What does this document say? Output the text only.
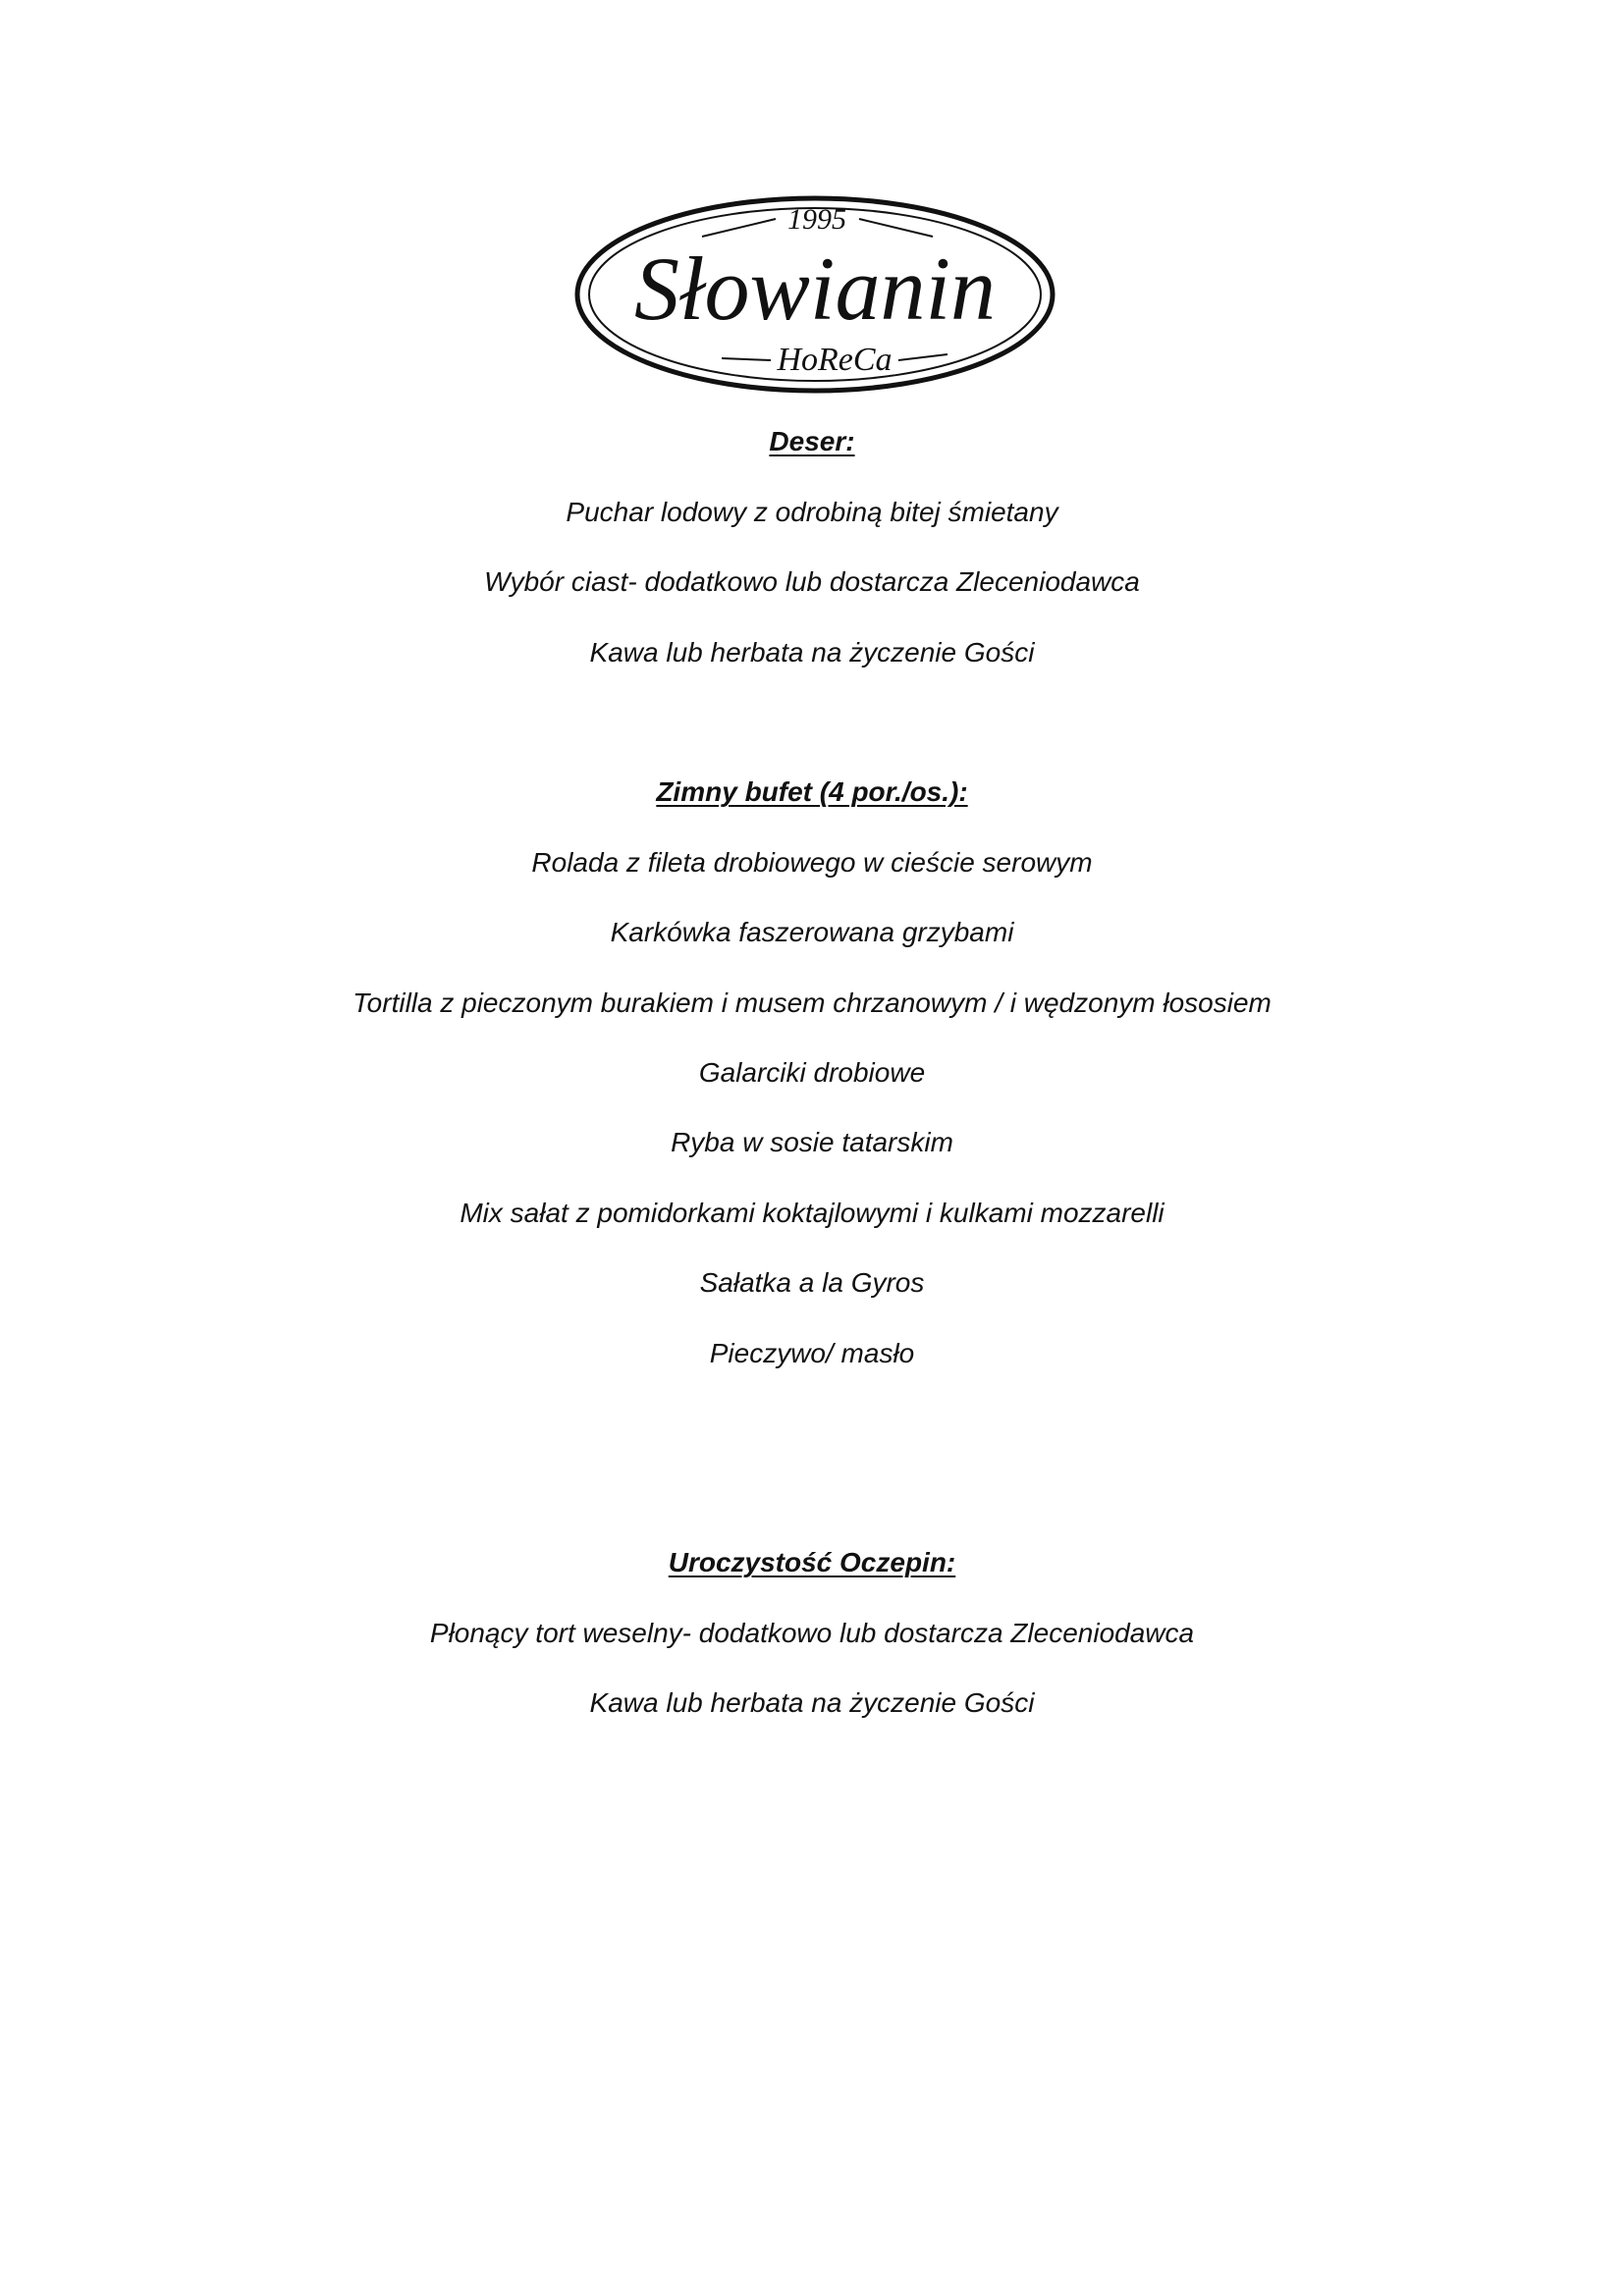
1995
Słowianin
HoReCa
Deser:
Puchar lodowy z odrobiną bitej śmietany
Wybór ciast- dodatkowo lub dostarcza Zleceniodawca
Kawa lub herbata na życzenie Gości
Zimny bufet (4 por./os.):
Rolada z fileta drobiowego w cieście serowym
Karkówka faszerowana grzybami
Tortilla z pieczonym burakiem i musem chrzanowym / i wędzonym łososiem
Galarciki drobiowe
Ryba w sosie tatarskim
Mix sałat z pomidorkami koktajlowymi i kulkami mozzarelli
Sałatka a la Gyros
Pieczywo/ masło
Uroczystość Oczepin:
Płonący tort weselny- dodatkowo lub dostarcza Zleceniodawca
Kawa lub herbata na życzenie Gości
